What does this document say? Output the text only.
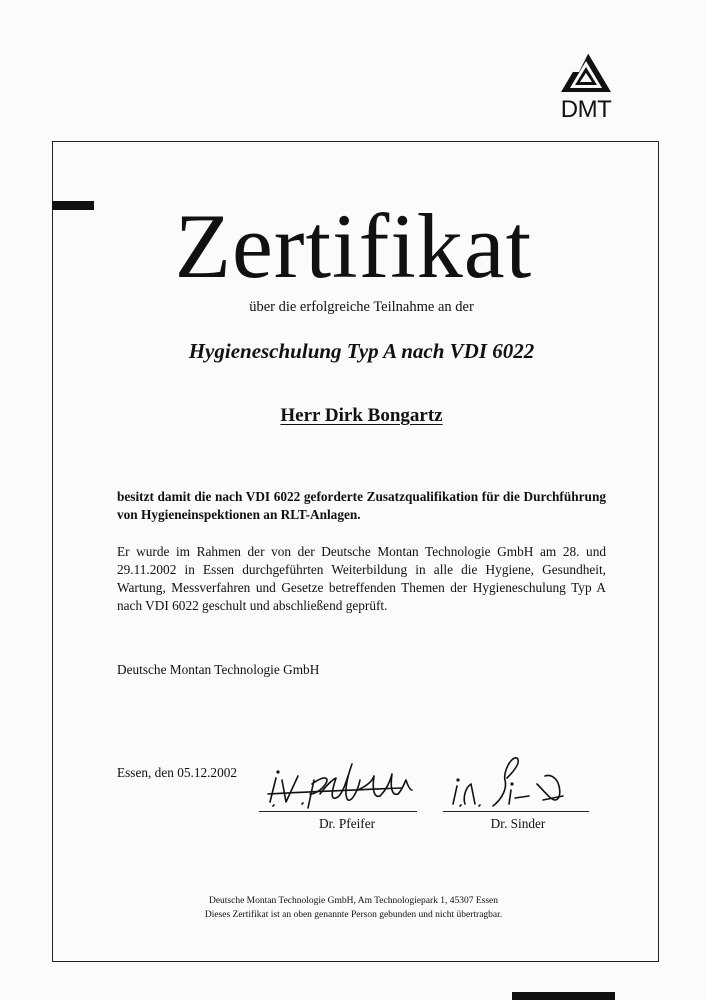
DMT
Zertifikat
über die erfolgreiche Teilnahme an der
Hygieneschulung Typ A nach VDI 6022
Herr Dirk Bongartz
besitzt damit die nach VDI 6022 geforderte Zusatzqualifikation für die Durchführung von Hygieneinspektionen an RLT-Anlagen.
Er wurde im Rahmen der von der Deutsche Montan Technologie GmbH am 28. und 29.11.2002 in Essen durchgeführten Weiterbildung in alle die Hygiene, Gesundheit, Wartung, Messverfahren und Gesetze betreffenden Themen der Hygieneschulung Typ A nach VDI 6022 geschult und abschließend geprüft.
Deutsche Montan Technologie GmbH
Essen, den 05.12.2002
Dr. Pfeifer	Dr. Sinder
Deutsche Montan Technologie GmbH, Am Technologiepark 1, 45307 Essen
Dieses Zertifikat ist an oben genannte Person gebunden und nicht übertragbar.
